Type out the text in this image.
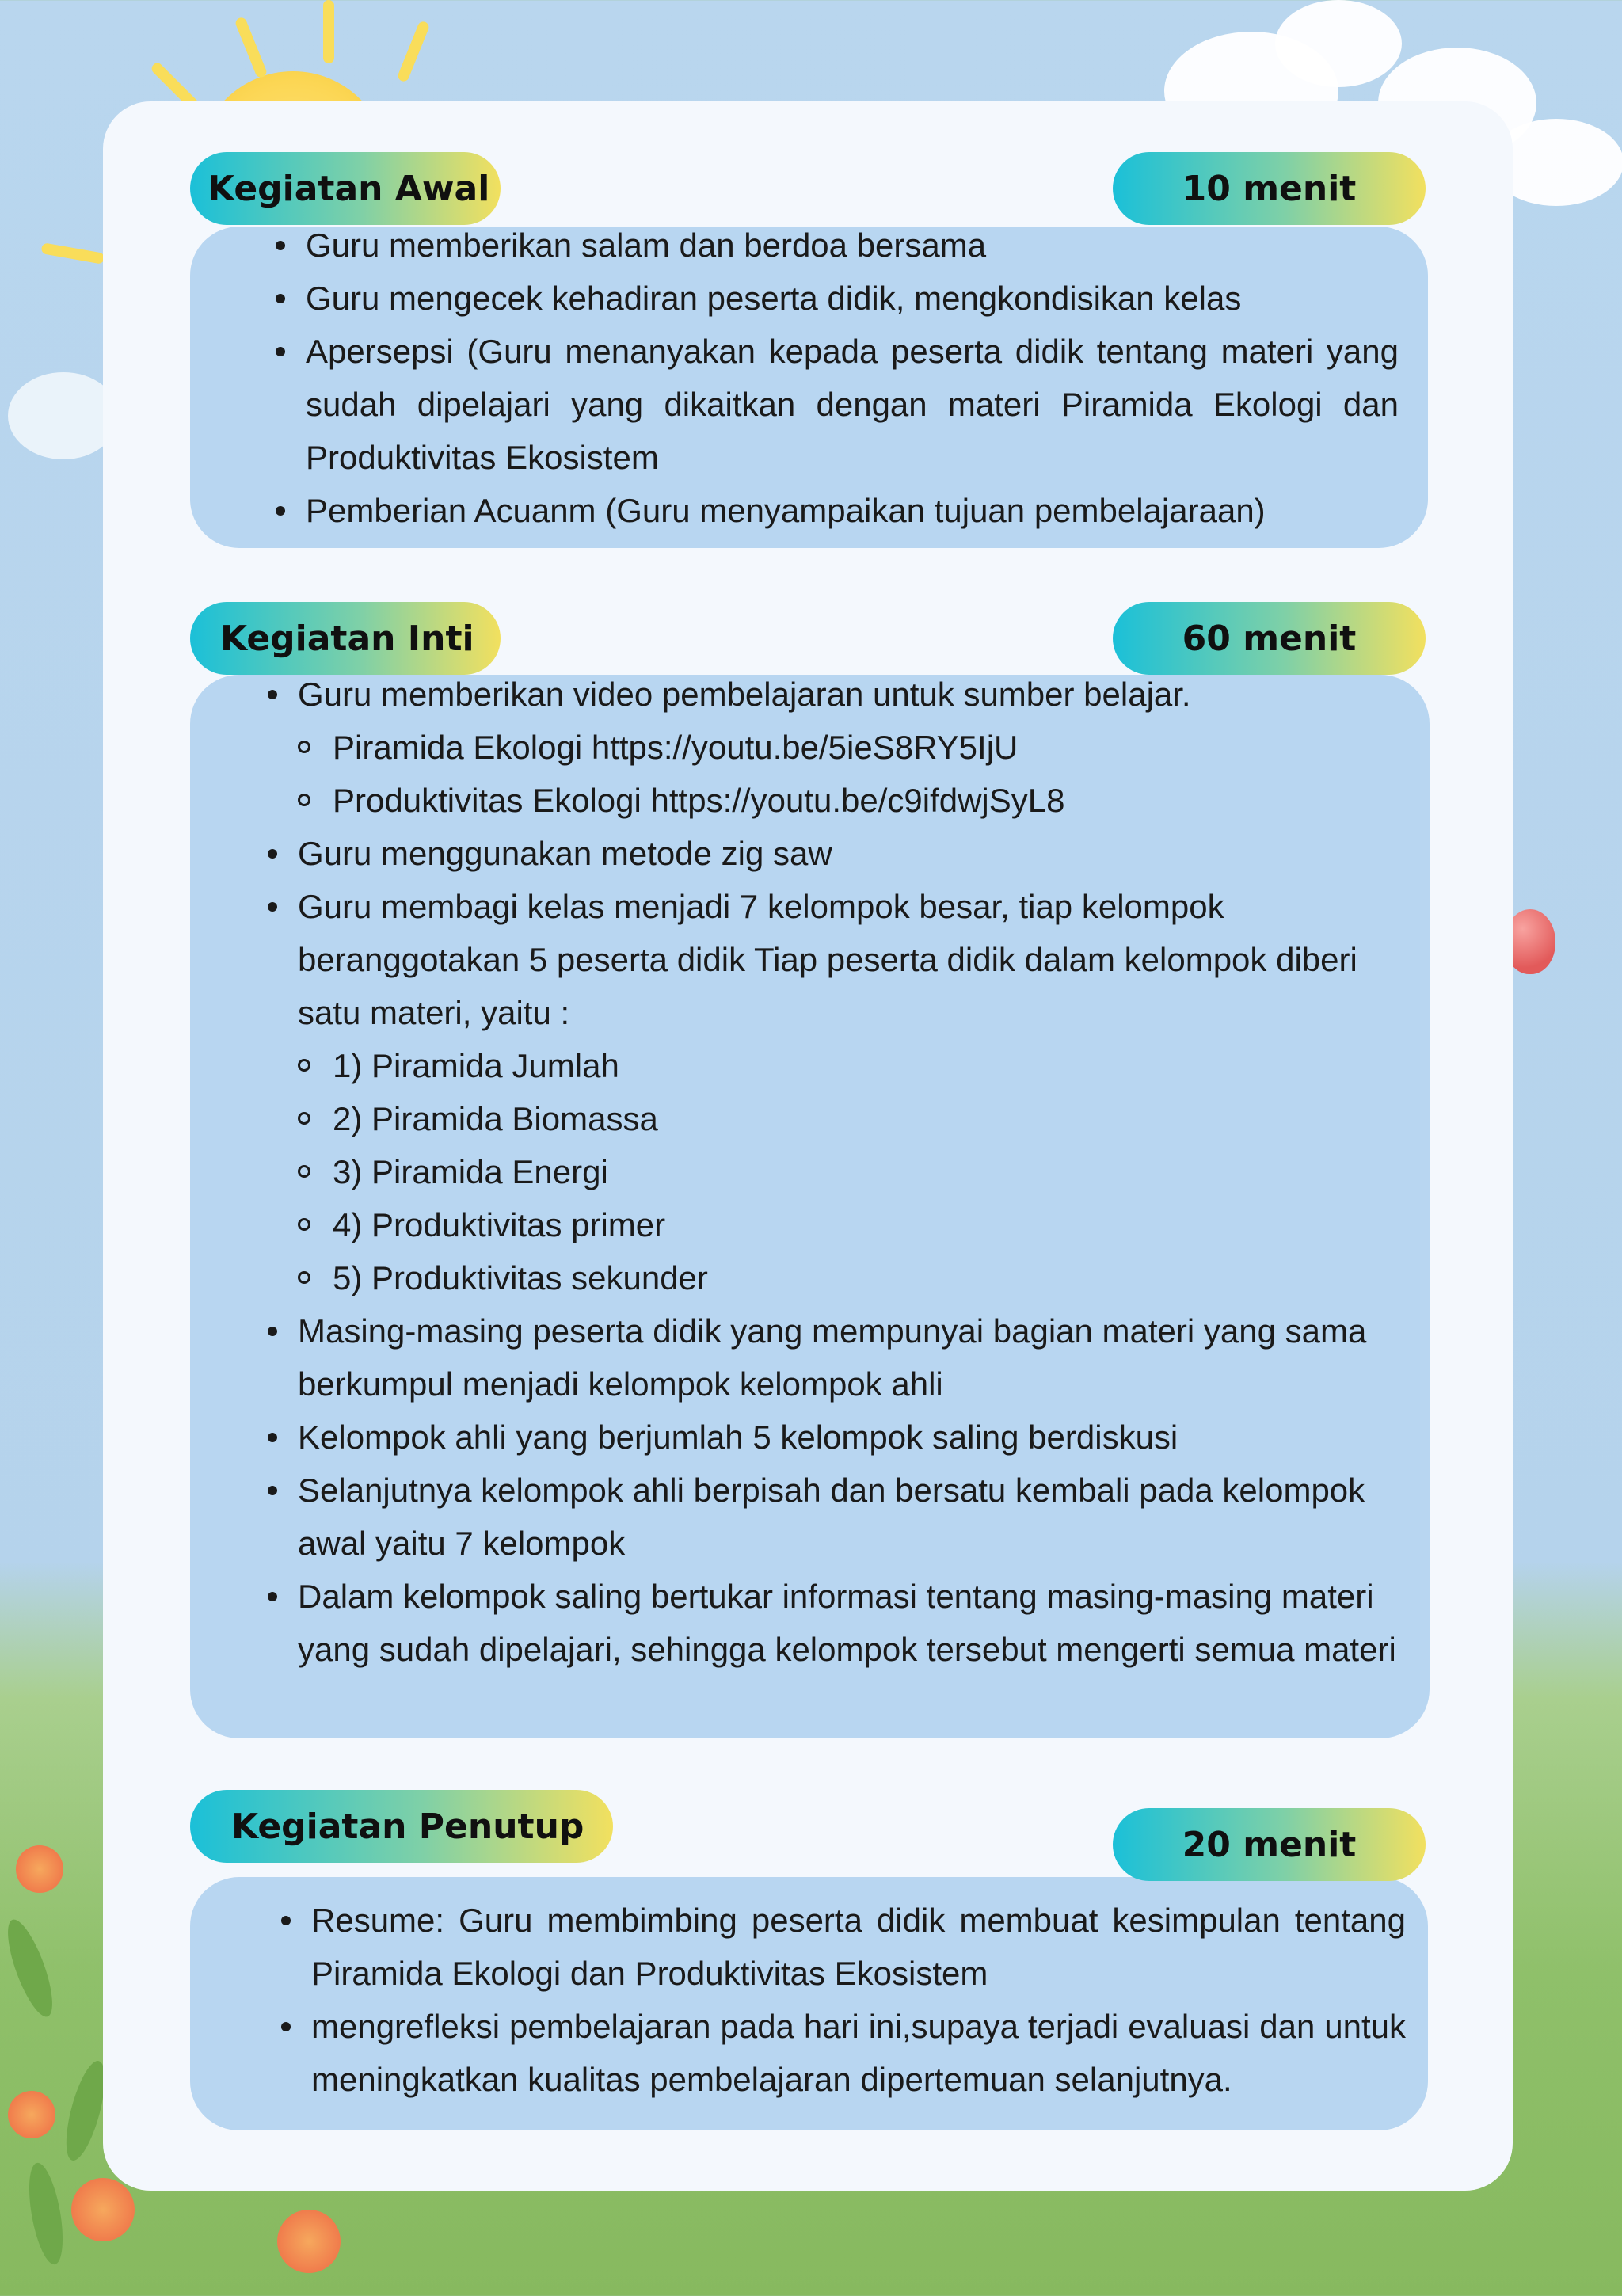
Kegiatan Awal	10 menit
Guru memberikan salam dan berdoa bersama
Guru mengecek kehadiran peserta didik, mengkondisikan kelas
Apersepsi (Guru menanyakan kepada peserta didik tentang materi yang sudah dipelajari yang dikaitkan dengan materi Piramida Ekologi dan Produktivitas Ekosistem
Pemberian Acuanm (Guru menyampaikan tujuan pembelajaraan)
Kegiatan Inti	60 menit
Guru memberikan video pembelajaran untuk sumber belajar.
Piramida Ekologi https://youtu.be/5ieS8RY5IjU
Produktivitas Ekologi https://youtu.be/c9ifdwjSyL8
Guru menggunakan metode zig saw
Guru membagi kelas menjadi 7 kelompok besar, tiap kelompok beranggotakan 5 peserta didik Tiap peserta didik dalam kelompok diberi satu materi, yaitu :
1) Piramida Jumlah
2) Piramida Biomassa
3) Piramida Energi
4) Produktivitas primer
5) Produktivitas sekunder
Masing-masing peserta didik yang mempunyai bagian materi yang sama berkumpul menjadi kelompok kelompok ahli
Kelompok ahli yang berjumlah 5 kelompok saling berdiskusi
Selanjutnya kelompok ahli berpisah dan bersatu kembali pada kelompok awal yaitu 7 kelompok
Dalam kelompok saling bertukar informasi tentang masing-masing materi yang sudah dipelajari, sehingga kelompok tersebut mengerti semua materi
Kegiatan Penutup	20 menit
Resume: Guru membimbing peserta didik membuat kesimpulan tentang Piramida Ekologi dan Produktivitas Ekosistem
mengrefleksi pembelajaran pada hari ini,supaya terjadi evaluasi dan untuk meningkatkan kualitas pembelajaran dipertemuan selanjutnya.
